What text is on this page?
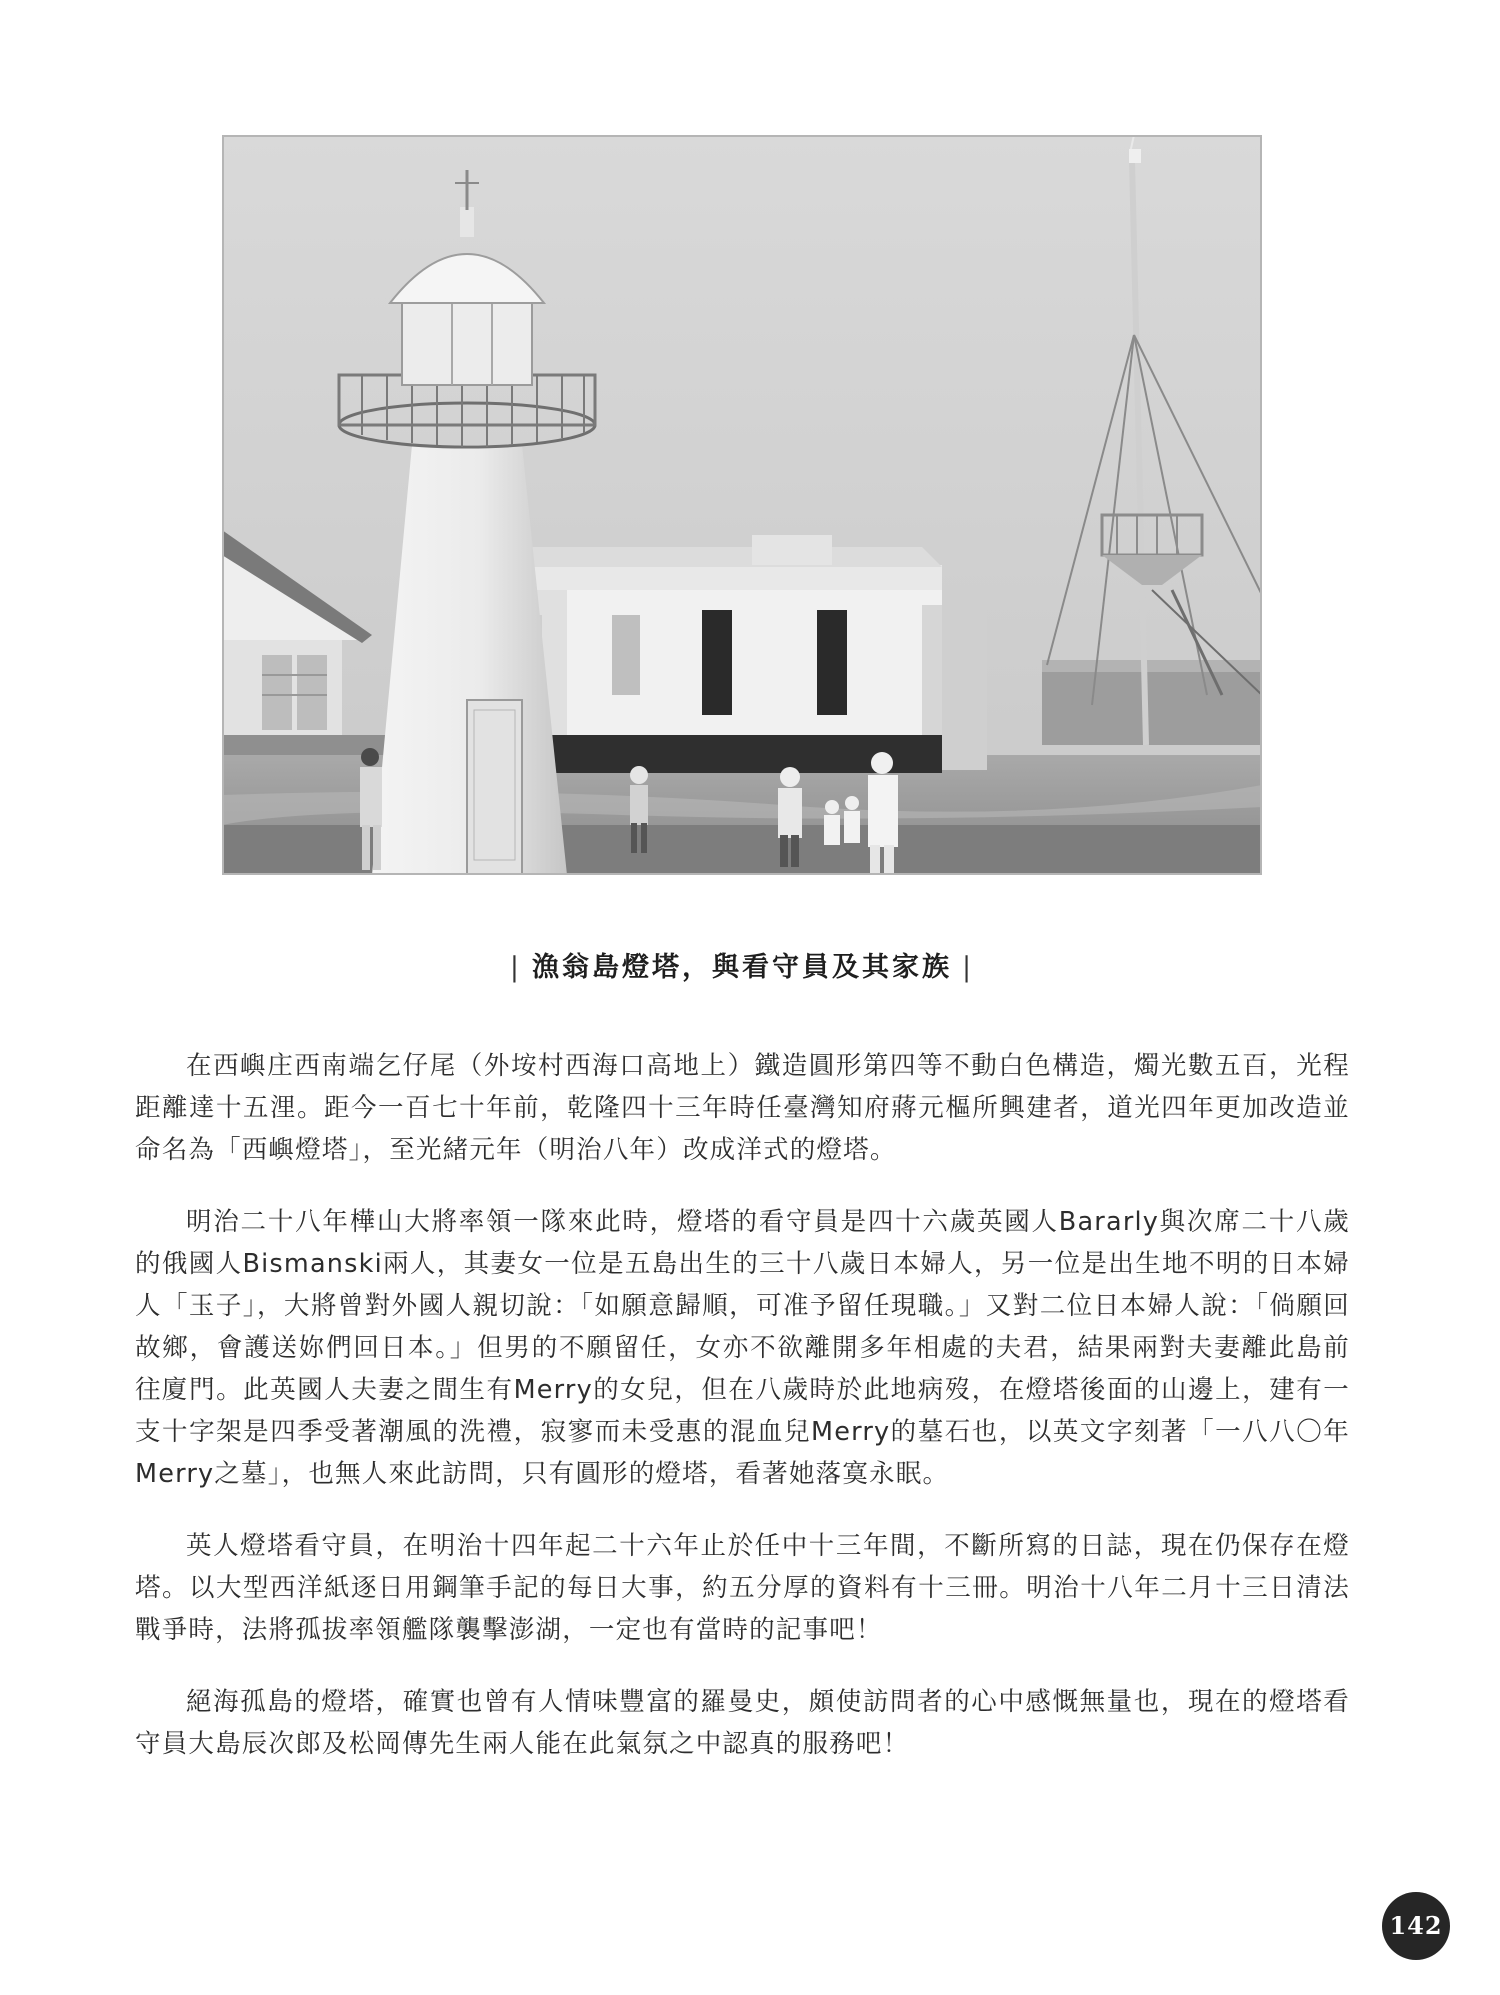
| 漁翁島燈塔，與看守員及其家族 |

在西嶼庄西南端乞仔尾（外垵村西海口高地上）鐵造圓形第四等不動白色構造，燭光數五百，光程距離達十五浬。距今一百七十年前，乾隆四十三年時任臺灣知府蔣元樞所興建者，道光四年更加改造並命名為「西嶼燈塔」，至光緒元年（明治八年）改成洋式的燈塔。

明治二十八年樺山大將率領一隊來此時，燈塔的看守員是四十六歲英國人Bararly與次席二十八歲的俄國人Bismanski兩人，其妻女一位是五島出生的三十八歲日本婦人，另一位是出生地不明的日本婦人「玉子」，大將曾對外國人親切說：「如願意歸順，可准予留任現職。」又對二位日本婦人說：「倘願回故鄉，會護送妳們回日本。」但男的不願留任，女亦不欲離開多年相處的夫君，結果兩對夫妻離此島前往廈門。此英國人夫妻之間生有Merry的女兒，但在八歲時於此地病歿，在燈塔後面的山邊上，建有一支十字架是四季受著潮風的洗禮，寂寥而未受惠的混血兒Merry的墓石也，以英文字刻著「一八八〇年Merry之墓」，也無人來此訪問，只有圓形的燈塔，看著她落寞永眠。

英人燈塔看守員，在明治十四年起二十六年止於任中十三年間，不斷所寫的日誌，現在仍保存在燈塔。以大型西洋紙逐日用鋼筆手記的每日大事，約五分厚的資料有十三冊。明治十八年二月十三日清法戰爭時，法將孤拔率領艦隊襲擊澎湖，一定也有當時的記事吧！

絕海孤島的燈塔，確實也曾有人情味豐富的羅曼史，頗使訪問者的心中感慨無量也，現在的燈塔看守員大島辰次郎及松岡傳先生兩人能在此氣氛之中認真的服務吧！

142
